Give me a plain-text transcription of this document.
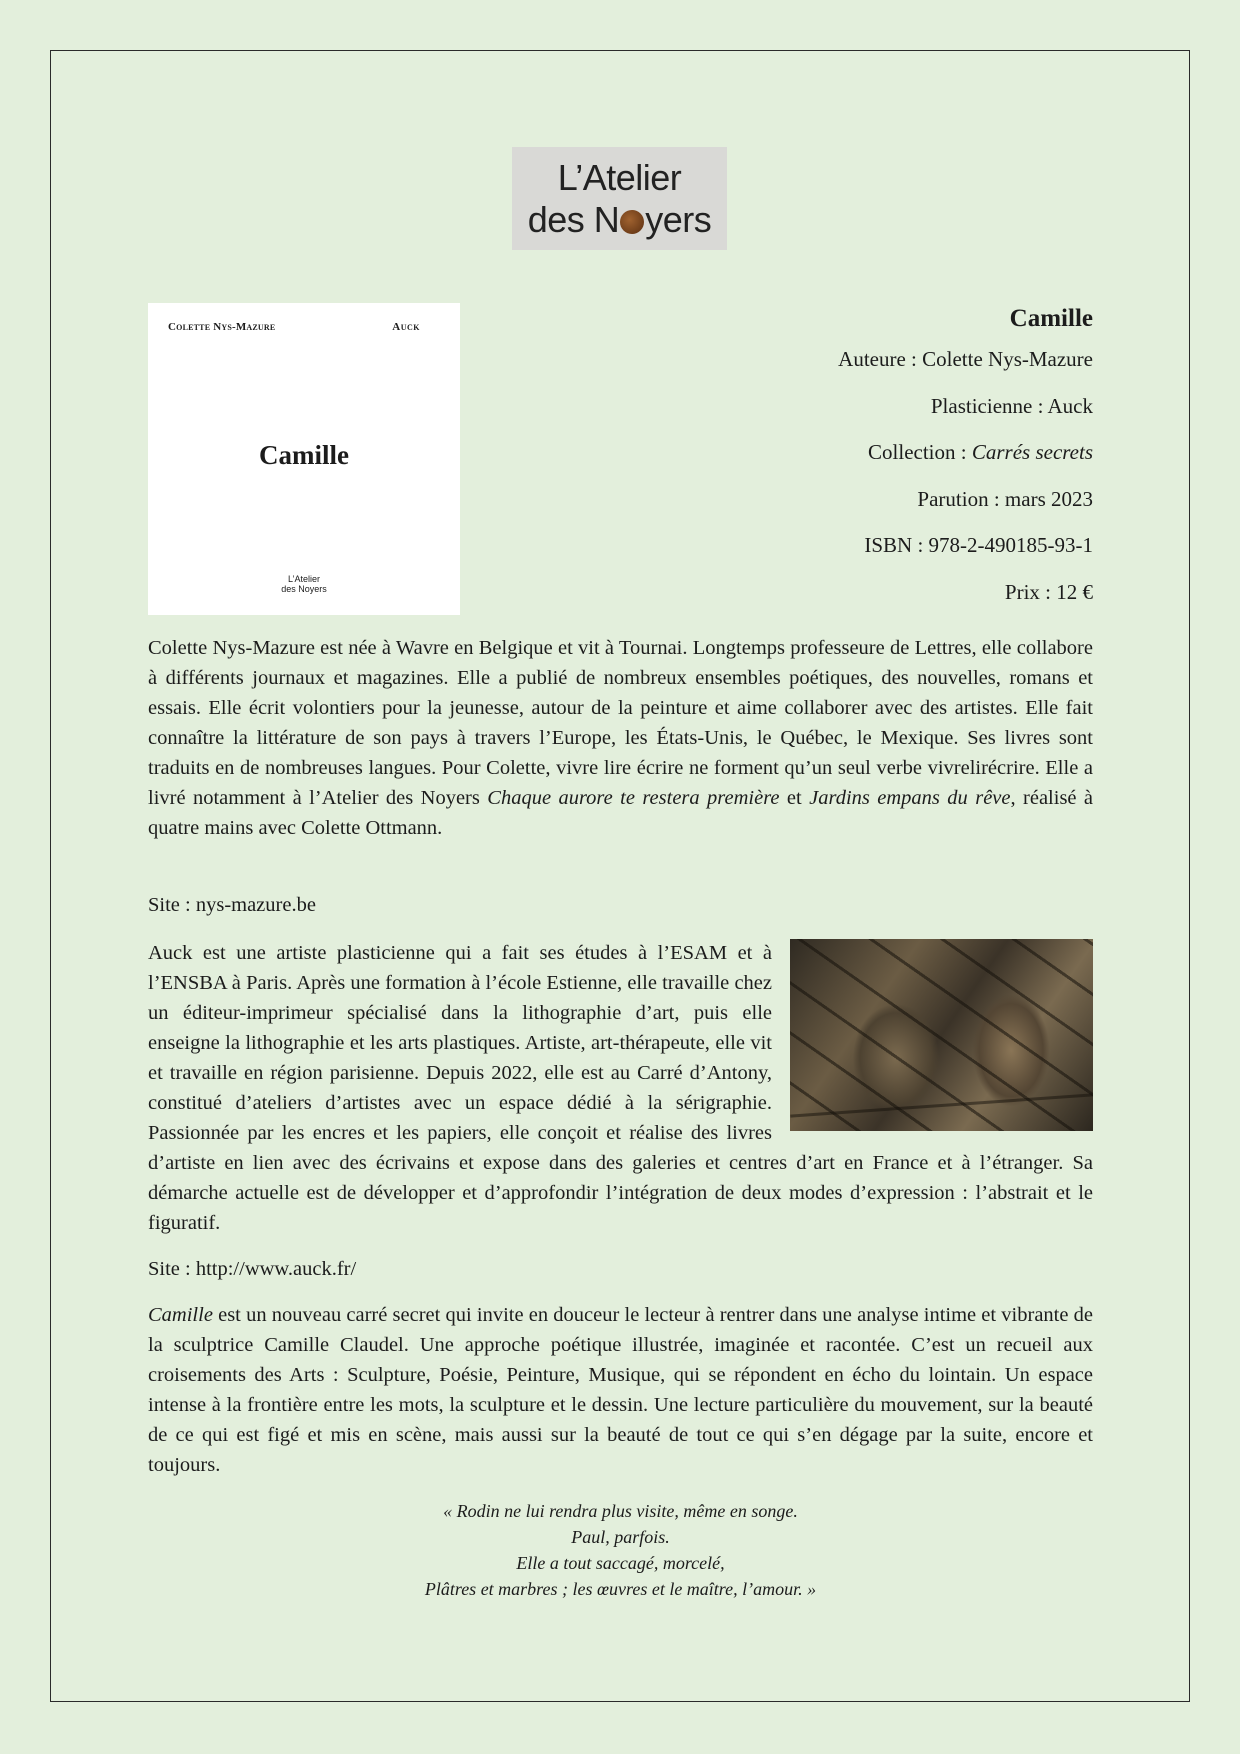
L’Atelier
des N yers
Colette Nys-Mazure	Auck
Camille
L’Atelier
des Noyers
Camille
Auteure : Colette Nys-Mazure
Plasticienne : Auck
Collection : Carrés secrets
Parution : mars 2023
ISBN : 978-2-490185-93-1
Prix : 12 €

Colette Nys-Mazure est née à Wavre en Belgique et vit à Tournai. Longtemps professeure de Lettres, elle collabore à différents journaux et magazines. Elle a publié de nombreux ensembles poétiques, des nouvelles, romans et essais. Elle écrit volontiers pour la jeunesse, autour de la peinture et aime collaborer avec des artistes. Elle fait connaître la littérature de son pays à travers l’Europe, les États-Unis, le Québec, le Mexique. Ses livres sont traduits en de nombreuses langues. Pour Colette, vivre lire écrire ne forment qu’un seul verbe vivrelirécrire. Elle a livré notamment à l’Atelier des Noyers Chaque aurore te restera première et Jardins empans du rêve, réalisé à quatre mains avec Colette Ottmann.

Site : nys-mazure.be

Auck est une artiste plasticienne qui a fait ses études à l’ESAM et à l’ENSBA à Paris. Après une formation à l’école Estienne, elle travaille chez un éditeur-imprimeur spécialisé dans la lithographie d’art, puis elle enseigne la lithographie et les arts plastiques. Artiste, art-thérapeute, elle vit et travaille en région parisienne. Depuis 2022, elle est au Carré d’Antony, constitué d’ateliers d’artistes avec un espace dédié à la sérigraphie. Passionnée par les encres et les papiers, elle conçoit et réalise des livres d’artiste en lien avec des écrivains et expose dans des galeries et centres d’art en France et à l’étranger. Sa démarche actuelle est de développer et d’approfondir l’intégration de deux modes d’expression : l’abstrait et le figuratif.

Site : http://www.auck.fr/

Camille est un nouveau carré secret qui invite en douceur le lecteur à rentrer dans une analyse intime et vibrante de la sculptrice Camille Claudel. Une approche poétique illustrée, imaginée et racontée. C’est un recueil aux croisements des Arts : Sculpture, Poésie, Peinture, Musique, qui se répondent en écho du lointain. Un espace intense à la frontière entre les mots, la sculpture et le dessin. Une lecture particulière du mouvement, sur la beauté de ce qui est figé et mis en scène, mais aussi sur la beauté de tout ce qui s’en dégage par la suite, encore et toujours.

« Rodin ne lui rendra plus visite, même en songe.
Paul, parfois.
Elle a tout saccagé, morcelé,
Plâtres et marbres ; les œuvres et le maître, l’amour. »
